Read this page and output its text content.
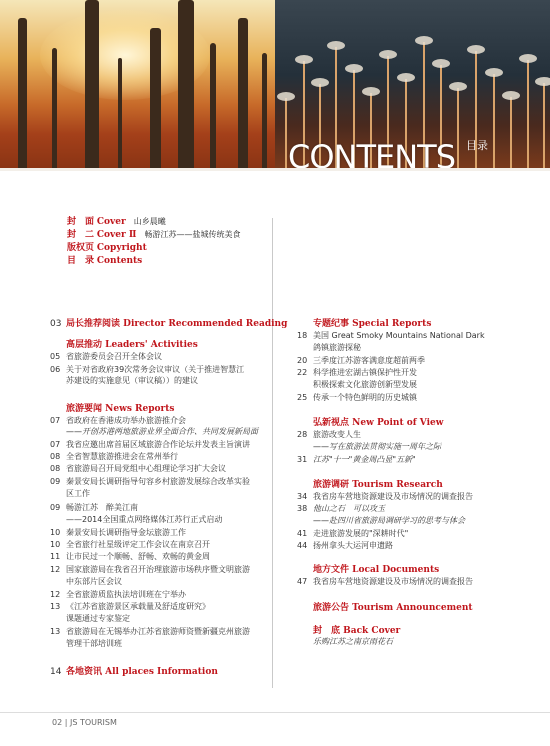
CONTENTS 目录
封　面 Cover 山乡晨曦
封　二 Cover Ⅱ 畅游江苏——盐城传统美食
版权页 Copyright
目　录 Contents
03 局长推荐阅读 Director Recommended Reading
高层推动 Leaders' Activities
05 省旅游委员会召开全体会议
06 关于对省政府39次常务会议审议（关于推进智慧江
苏建设的实施意见（审议稿））的建议
旅游要闻 News Reports
07 省政府在香港成功举办旅游推介会
——开创苏港两地旅游业界全面合作、共同发展新局面
07 我省应邀出席首届区域旅游合作论坛并发表主旨演讲
08 全省智慧旅游推进会在常州举行
08 省旅游局召开局党组中心组理论学习扩大会议
09 秦景安局长调研指导句容乡村旅游发展综合改革实验
区工作
09 畅游江苏　醉美江南
——2014全国重点网络媒体江苏行正式启动
10 秦景安局长调研指导金坛旅游工作
10 全省旅行社星级评定工作会议在南京召开
11 让市民过一个顺畅、舒畅、欢畅的黄金周
12 国家旅游局在我省召开治理旅游市场秩序暨文明旅游
中东部片区会议
12 全省旅游质监执法培训班在宁举办
13 《江苏省旅游景区承载量及舒适度研究》
课题通过专家鉴定
13 省旅游局在无锡举办江苏省旅游师资暨新疆克州旅游
管理干部培训班
14 各地资讯 All places Information
专题纪事 Special Reports
18 美国 Great Smoky Mountains National Dark
鸽镇旅游探秘
20 三季度江苏游客满意度超前两季
22 科学推进宏湖古镇保护性开发
积极探索文化旅游创新型发展
25 传承一个特色鲜明的历史城镇
弘新视点 New Point of View
28 旅游改变人生
——写在旅游法贯彻实施一周年之际
31 江苏"十一"黄金周凸显"五新"
旅游调研 Tourism Research
34 我省房车营地资源建设及市场情况的调查报告
38 他山之石　可以攻玉
——赴四川省旅游局调研学习的思考与体会
41 走进旅游发展的"深耕时代"
44 扬州拿头大运河申遗路
地方文件 Local Documents
47 我省房车营地资源建设及市场情况的调查报告
旅游公告 Tourism Announcement
封　底 Back Cover
乐购江苏之南京雨花石
02 | JS TOURISM
